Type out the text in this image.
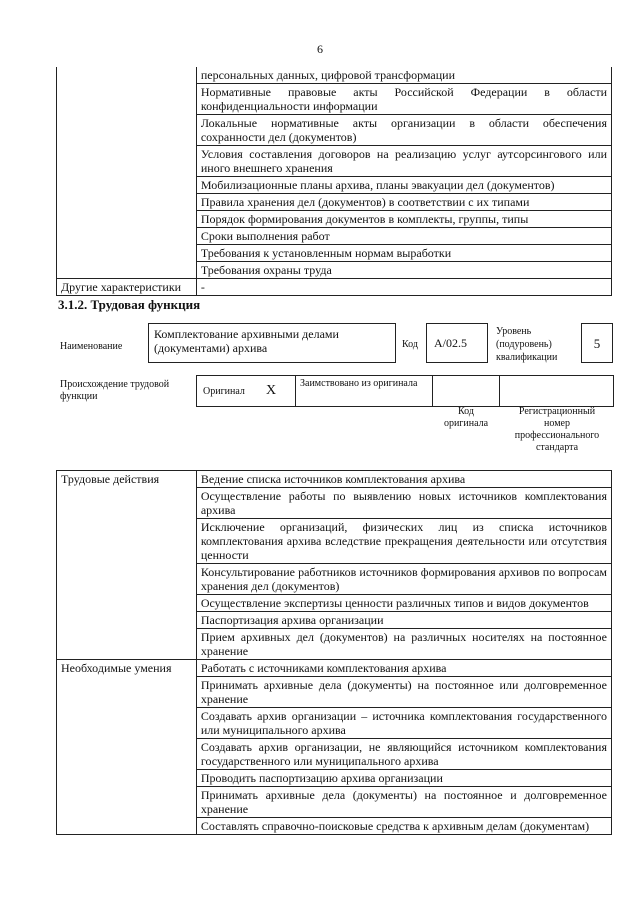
6
	персональных данных, цифровой трансформации
	Нормативные правовые акты Российской Федерации в области конфиденциальности информации
	Локальные нормативные акты организации в области обеспечения сохранности дел (документов)
	Условия составления договоров на реализацию услуг аутсорсингового или иного внешнего хранения
	Мобилизационные планы архива, планы эвакуации дел (документов)
	Правила хранения дел (документов) в соответствии с их типами
	Порядок формирования документов в комплекты, группы, типы
	Сроки выполнения работ
	Требования к установленным нормам выработки
	Требования охраны труда
Другие характеристики	-
3.1.2. Трудовая функция
Наименование
Комплектование архивными делами (документами) архива	Код A/02.5
Уровень (подуровень) квалификации
5
Происхождение трудовой функции	Оригинал X Заимствовано из оригинала
Код оригинала
Регистрационный номер профессионального стандарта
Трудовые действия	Ведение списка источников комплектования архива
	Осуществление работы по выявлению новых источников комплектования архива
	Исключение организаций, физических лиц из списка источников комплектования архива вследствие прекращения деятельности или отсутствия ценности
	Консультирование работников источников формирования архивов по вопросам хранения дел (документов)
	Осуществление экспертизы ценности различных типов и видов документов
	Паспортизация архива организации
	Прием архивных дел (документов) на различных носителях на постоянное хранение
Необходимые умения	Работать с источниками комплектования архива
	Принимать архивные дела (документы) на постоянное или долговременное хранение
	Создавать архив организации – источника комплектования государственного или муниципального архива
	Создавать архив организации, не являющийся источником комплектования государственного или муниципального архива
	Проводить паспортизацию архива организации
	Принимать архивные дела (документы) на постоянное и долговременное хранение
	Составлять справочно-поисковые средства к архивным делам (документам)
